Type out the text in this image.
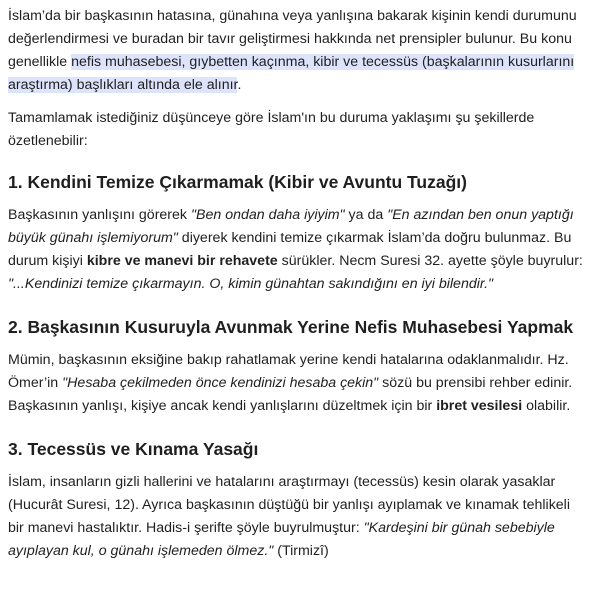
İslam’da bir başkasının hatasına, günahına veya yanlışına bakarak kişinin kendi durumunu değerlendirmesi ve buradan bir tavır geliştirmesi hakkında net prensipler bulunur. Bu konu genellikle nefis muhasebesi, gıybetten kaçınma, kibir ve tecessüs (başkalarının kusurlarını araştırma) başlıkları altında ele alınır.

Tamamlamak istediğiniz düşünceye göre İslam'ın bu duruma yaklaşımı şu şekillerde özetlenebilir:

1. Kendini Temize Çıkarmamak (Kibir ve Avuntu Tuzağı)

Başkasının yanlışını görerek "Ben ondan daha iyiyim" ya da "En azından ben onun yaptığı büyük günahı işlemiyorum" diyerek kendini temize çıkarmak İslam’da doğru bulunmaz. Bu durum kişiyi kibre ve manevi bir rehavete sürükler. Necm Suresi 32. ayette şöyle buyrulur: "...Kendinizi temize çıkarmayın. O, kimin günahtan sakındığını en iyi bilendir."

2. Başkasının Kusuruyla Avunmak Yerine Nefis Muhasebesi Yapmak

Mümin, başkasının eksiğine bakıp rahatlamak yerine kendi hatalarına odaklanmalıdır. Hz. Ömer’in "Hesaba çekilmeden önce kendinizi hesaba çekin" sözü bu prensibi rehber edinir. Başkasının yanlışı, kişiye ancak kendi yanlışlarını düzeltmek için bir ibret vesilesi olabilir.

3. Tecessüs ve Kınama Yasağı

İslam, insanların gizli hallerini ve hatalarını araştırmayı (tecessüs) kesin olarak yasaklar (Hucurât Suresi, 12). Ayrıca başkasının düştüğü bir yanlışı ayıplamak ve kınamak tehlikeli bir manevi hastalıktır. Hadis-i şerifte şöyle buyrulmuştur: "Kardeşini bir günah sebebiyle ayıplayan kul, o günahı işlemeden ölmez." (Tirmizî)
